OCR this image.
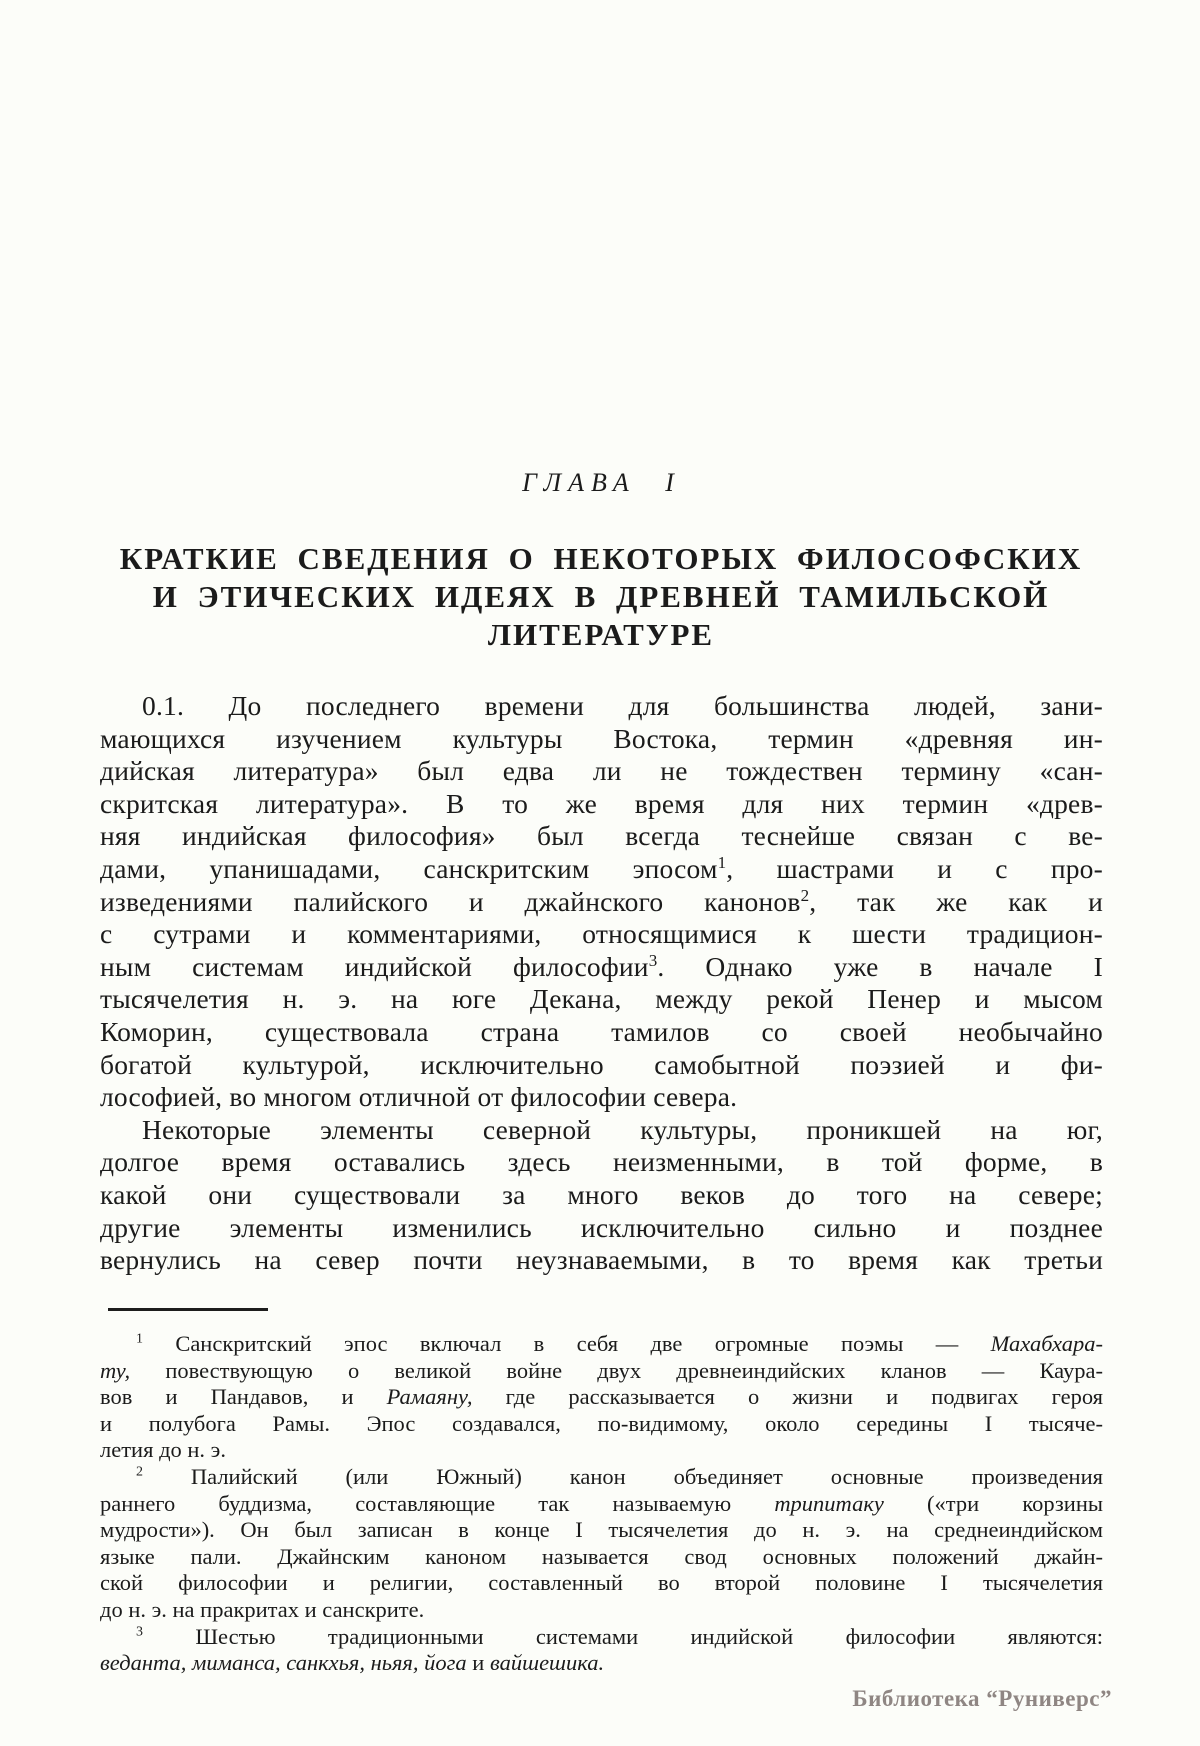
ГЛАВА I
КРАТКИЕ СВЕДЕНИЯ О НЕКОТОРЫХ ФИЛОСОФСКИХ
И ЭТИЧЕСКИХ ИДЕЯХ В ДРЕВНЕЙ ТАМИЛЬСКОЙ
ЛИТЕРАТУРЕ
0.1. До последнего времени для большинства людей, зани-
мающихся изучением культуры Востока, термин «древняя ин-
дийская литература» был едва ли не тождествен термину «сан-
скритская литература». В то же время для них термин «древ-
няя индийская философия» был всегда теснейше связан с ве-
дами, упанишадами, санскритским эпосом$^1$, шастрами и с про-
изведениями палийского и джайнского канонов$^2$, так же как и
с сутрами и комментариями, относящимися к шести традицион-
ным системам индийской философии$^3$. Однако уже в начале I
тысячелетия н. э. на юге Декана, между рекой Пенер и мысом
Коморин, существовала страна тамилов со своей необычайно
богатой культурой, исключительно самобытной поэзией и фи-
лософией, во многом отличной от философии севера.
Некоторые элементы северной культуры, проникшей на юг,
долгое время оставались здесь неизменными, в той форме, в
какой они существовали за много веков до того на севере;
другие элементы изменились исключительно сильно и позднее
вернулись на север почти неузнаваемыми, в то время как третьи
$^1$ Санскритский эпос включал в себя две огромные поэмы — Махабхара-
ту, повествующую о великой войне двух древнеиндийских кланов — Каура-
вов и Пандавов, и Рамаяну, где рассказывается о жизни и подвигах героя
и полубога Рамы. Эпос создавался, по-видимому, около середины I тысяче-
летия до н. э.
$^2$ Палийский (или Южный) канон объединяет основные произведения
раннего буддизма, составляющие так называемую трипитаку («три корзины
мудрости»). Он был записан в конце I тысячелетия до н. э. на среднеиндийском
языке пали. Джайнским каноном называется свод основных положений джайн-
ской философии и религии, составленный во второй половине I тысячелетия
до н. э. на пракритах и санскрите.
$^3$ Шестью традиционными системами индийской философии являются:
веданта, миманса, санкхья, ньяя, йога и вайшешика.
Библиотека “Руниверс”
